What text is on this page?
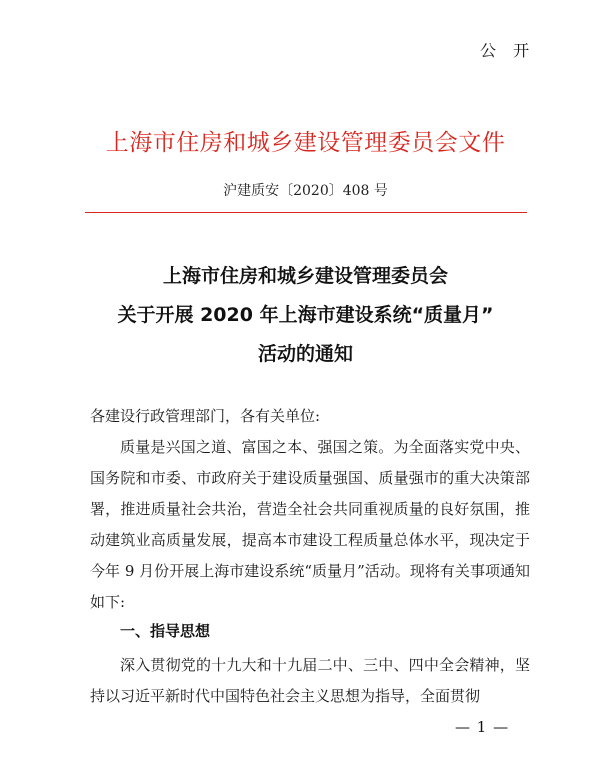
公 开
上海市住房和城乡建设管理委员会文件
沪建质安〔2020〕408 号
上海市住房和城乡建设管理委员会
关于开展 2020 年上海市建设系统“质量月”
活动的通知
各建设行政管理部门，各有关单位:
质量是兴国之道、富国之本、强国之策。为全面落实党中央、国务院和市委、市政府关于建设质量强国、质量强市的重大决策部署，推进质量社会共治，营造全社会共同重视质量的良好氛围，推动建筑业高质量发展，提高本市建设工程质量总体水平，现决定于今年 9 月份开展上海市建设系统“质量月”活动。现将有关事项通知如下:
一、指导思想
深入贯彻党的十九大和十九届二中、三中、四中全会精神，坚持以习近平新时代中国特色社会主义思想为指导，全面贯彻
— 1 —
